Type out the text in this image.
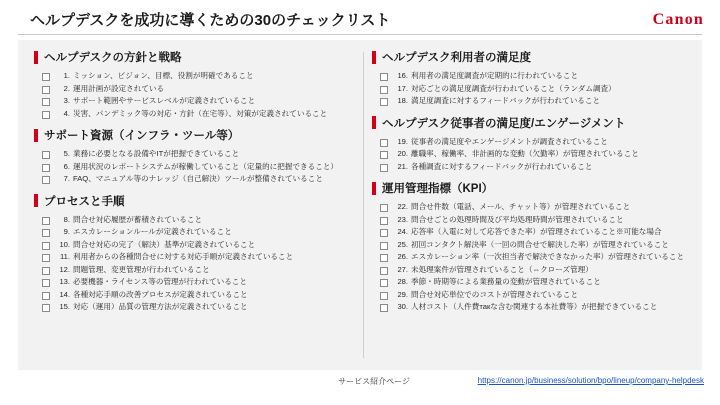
ヘルプデスクを成功に導くための30のチェックリスト	Canon
ヘルプデスクの方針と戦略
1. ミッション、ビジョン、目標、役割が明確であること
2. 運用計画が設定されている
3. サポート範囲やサービスレベルが定義されていること
4. 災害、パンデミック等の対応・方針（在宅等）、対策が定義されていること
サポート資源（インフラ・ツール等）
5. 業務に必要となる設備やITが把握できていること
6. 運用状況のレポートシステムが稼働していること（定量的に把握できること）
7. FAQ、マニュアル等のナレッジ（自己解決）ツールが整備されていること
プロセスと手順
8. 問合せ対応履歴が蓄積されていること
9. エスカレーションルールが定義されていること
10. 問合せ対応の完了（解決）基準が定義されていること
11. 利用者からの各種問合せに対する対応手順が定義されていること
12. 問題管理、変更管理が行われていること
13. 必要機器・ライセンス等の管理が行われていること
14. 各種対応手順の改善プロセスが定義されていること
15. 対応（運用）品質の管理方法が定義されていること
ヘルプデスク利用者の満足度
16. 利用者の満足度調査が定期的に行われていること
17. 対応ごとの満足度調査が行われていること（ランダム調査）
18. 満足度調査に対するフィードバックが行われていること
ヘルプデスク従事者の満足度/エンゲージメント
19. 従事者の満足度やエンゲージメントが調査されていること
20. 離職率、稼働率、非計画的な変動（欠勤率）が管理されていること
21. 各種調査に対するフィードバックが行われていること
運用管理指標（KPI）
22. 問合せ件数（電話、メール、チャット等）が管理されていること
23. 問合せごとの処理時間及び平均処理時間が管理されていること
24. 応答率（入電に対して応答できた率）が管理されていること※可能な場合
25. 初回コンタクト解決率（一回の問合せで解決した率）が管理されていること
26. エスカレーション率（一次担当者で解決できなかった率）が管理されていること
27. 未処理案件が管理されていること（⇔クローズ管理）
28. 季節・時期等による業務量の変動が管理されていること
29. 問合せ対応単位でのコストが管理されていること
30. 人材コスト（人件費такな含む関連する本社費等）が把握できていること
サービス紹介ページ	https://canon.jp/business/solution/bpo/lineup/company-helpdesk
